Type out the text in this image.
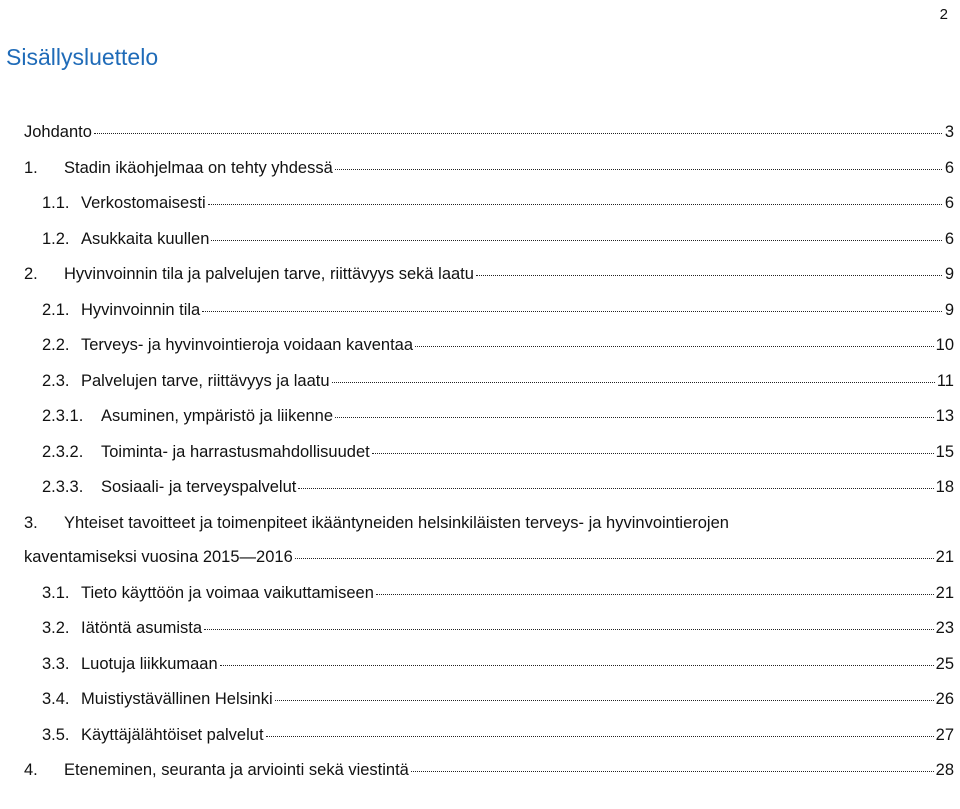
2
Sisällysluettelo
Johdanto	3
1.	Stadin ikäohjelmaa on tehty yhdessä	6
1.1. Verkostomaisesti	6
1.2. Asukkaita kuullen	6
2.	Hyvinvoinnin tila ja palvelujen tarve, riittävyys sekä laatu	9
2.1. Hyvinvoinnin tila	9
2.2. Terveys- ja hyvinvointieroja voidaan kaventaa	10
2.3. Palvelujen tarve, riittävyys ja laatu	11
2.3.1.	Asuminen, ympäristö ja liikenne	13
2.3.2.	Toiminta- ja harrastusmahdollisuudet	15
2.3.3.	Sosiaali- ja terveyspalvelut	18
3.	Yhteiset tavoitteet ja toimenpiteet ikääntyneiden helsinkiläisten terveys- ja hyvinvointierojen
kaventamiseksi vuosina 2015—2016	21
3.1. Tieto käyttöön ja voimaa vaikuttamiseen	21
3.2. Iätöntä asumista	23
3.3. Luotuja liikkumaan	25
3.4. Muistiystävällinen Helsinki	26
3.5. Käyttäjälähtöiset palvelut	27
4.	Eteneminen, seuranta ja arviointi sekä viestintä	28
